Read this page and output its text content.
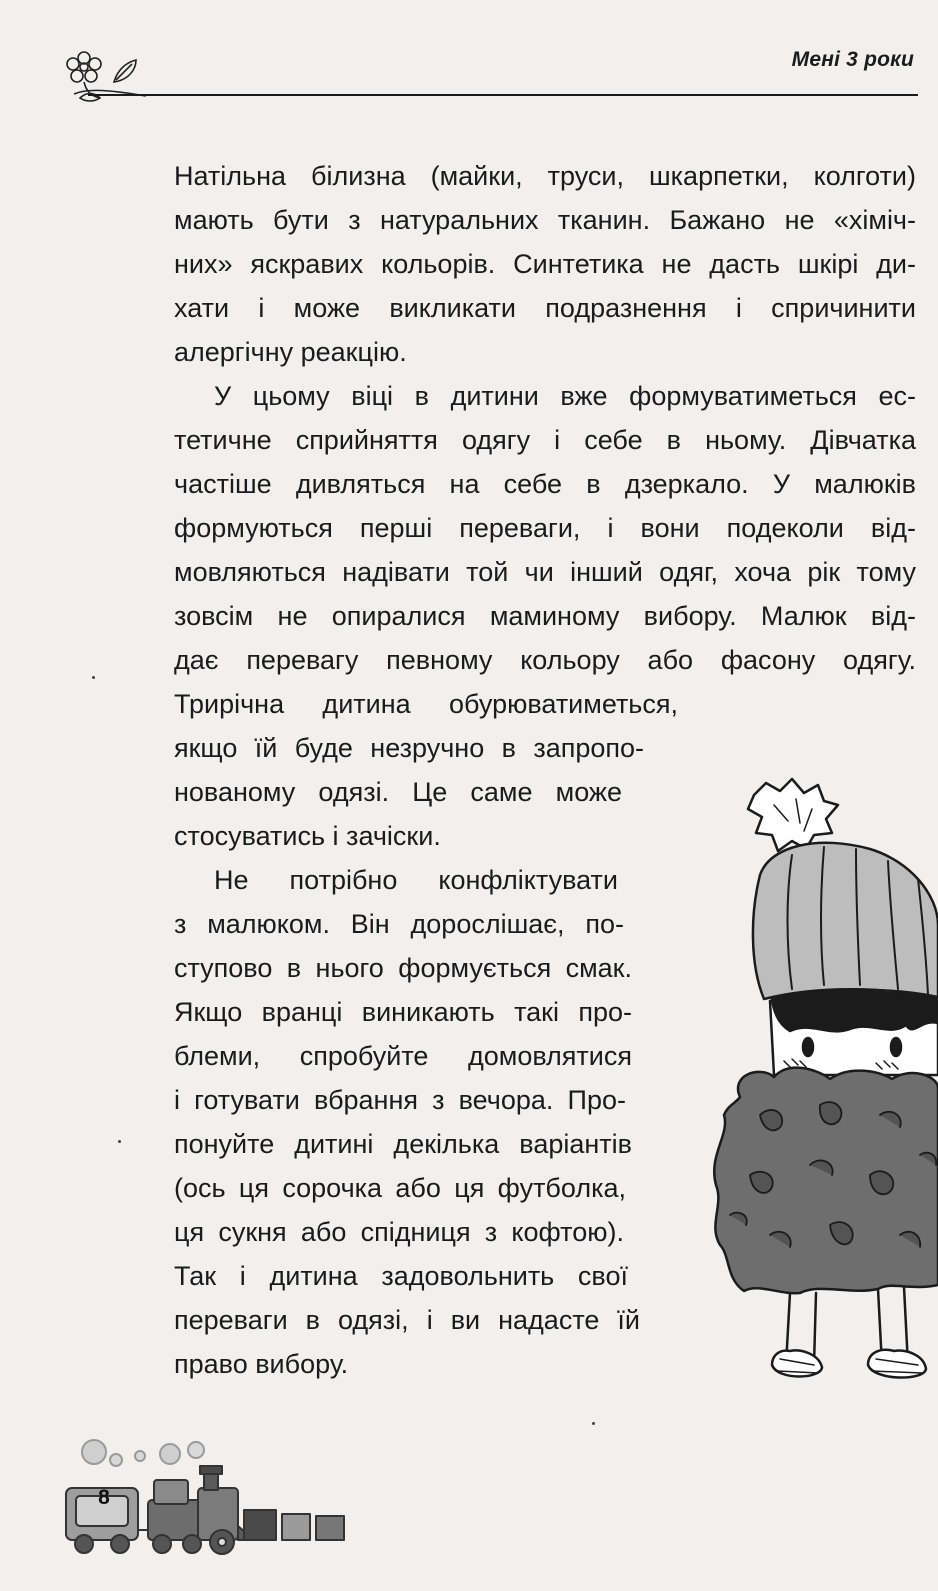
Мені 3 роки
Натільна білизна (майки, труси, шкарпетки, колготи)
мають бути з натуральних тканин. Бажано не «хіміч-
них» яскравих кольорів. Синтетика не дасть шкірі ди-
хати і може викликати подразнення і спричинити
алергічну реакцію.
У цьому віці в дитини вже формуватиметься ес-
тетичне сприйняття одягу і себе в ньому. Дівчатка
частіше дивляться на себе в дзеркало. У малюків
формуються перші переваги, і вони подеколи від-
мовляються надівати той чи інший одяг, хоча рік тому
зовсім не опиралися маминому вибору. Малюк від-
дає перевагу певному кольору або фасону одягу.
Трирічна дитина обурюватиметься,
якщо їй буде незручно в запропо-
нованому одязі. Це саме може
стосуватись і зачіски.
Не потрібно конфліктувати
з малюком. Він дорослішає, по-
ступово в нього формується смак.
Якщо вранці виникають такі про-
блеми, спробуйте домовлятися
і готувати вбрання з вечора. Про-
понуйте дитині декілька варіантів
(ось ця сорочка або ця футболка,
ця сукня або спідниця з кофтою).
Так і дитина задовольнить свої
переваги в одязі, і ви надасте їй
право вибору.
8
